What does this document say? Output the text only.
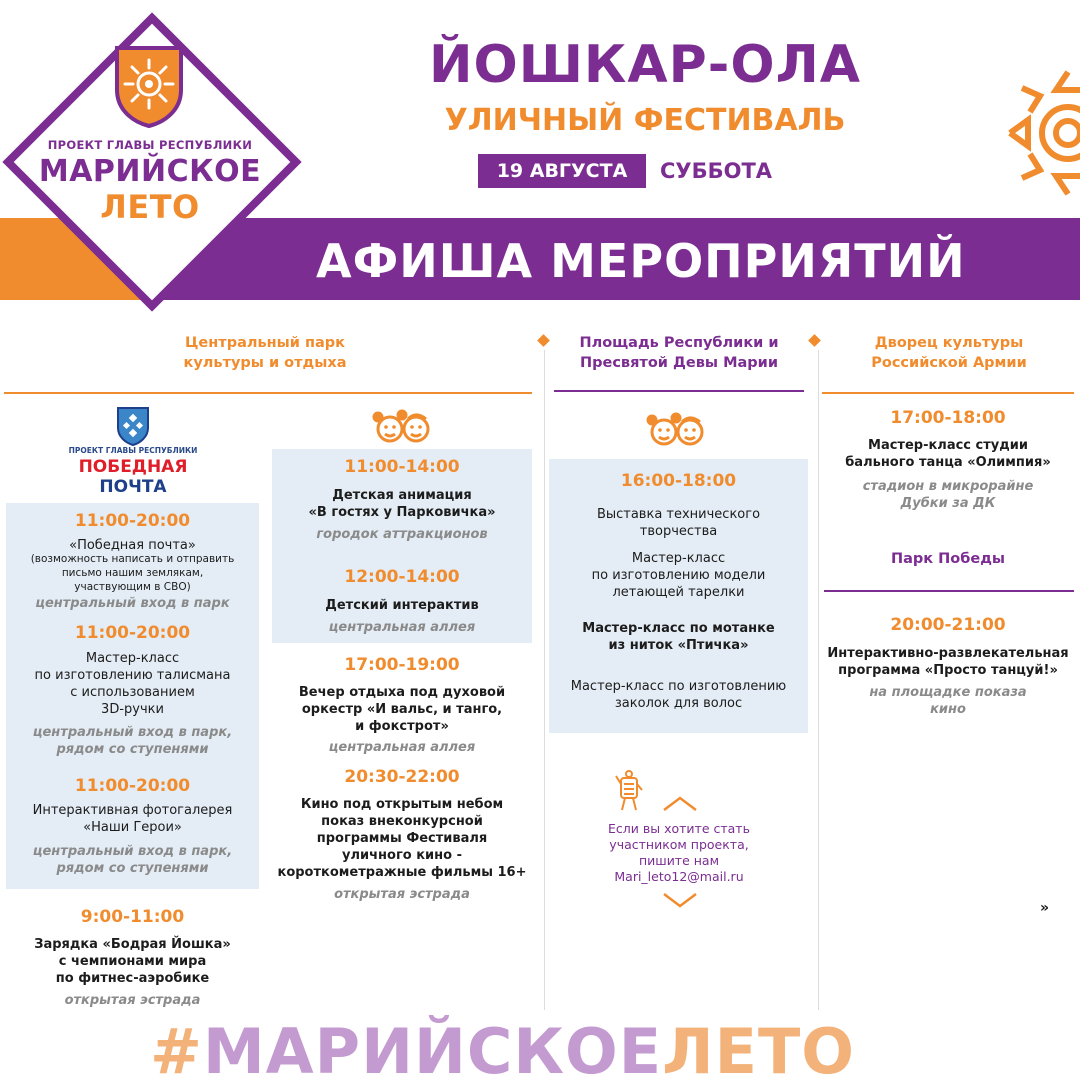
АФИША МЕРОПРИЯТИЙ
ПРОЕКТ ГЛАВЫ РЕСПУБЛИКИ
МАРИЙСКОЕ
ЛЕТО
ЙОШКАР-ОЛА
УЛИЧНЫЙ ФЕСТИВАЛЬ
19 АВГУСТА	СУББОТА
Центральный парк
культуры и отдыха
Площадь Республики и
Пресвятой Девы Марии
Дворец культуры
Российской Армии
ПРОЕКТ ГЛАВЫ РЕСПУБЛИКИ
ПОБЕДНАЯ
ПОЧТА
11:00-20:00
«Победная почта»
(возможность написать и отправить
письмо нашим землякам,
участвующим в СВО)
центральный вход в парк
11:00-20:00
Мастер-класс
по изготовлению талисмана
с использованием
3D-ручки
центральный вход в парк,
рядом со ступенями
11:00-20:00
Интерактивная фотогалерея
«Наши Герои»
центральный вход в парк,
рядом со ступенями
9:00-11:00
Зарядка «Бодрая Йошка»
с чемпионами мира
по фитнес-аэробике
открытая эстрада
11:00-14:00
Детская анимация
«В гостях у Парковичка»
городок аттракционов
12:00-14:00
Детский интерактив
центральная аллея
17:00-19:00
Вечер отдыха под духовой
оркестр «И вальс, и танго,
и фокстрот»
центральная аллея
20:30-22:00
Кино под открытым небом
показ внеконкурсной
программы Фестиваля
уличного кино -
короткометражные фильмы 16+
открытая эстрада
16:00-18:00
Выставка технического
творчества
Мастер-класс
по изготовлению модели
летающей тарелки
Мастер-класс по мотанке
из ниток «Птичка»
Мастер-класс по изготовлению
заколок для волос
Если вы хотите стать
участником проекта,
пишите нам
Mari_leto12@mail.ru
17:00-18:00
Мастер-класс студии
бального танца «Олимпия»
стадион в микрорайне
Дубки за ДК
Парк Победы
20:00-21:00
Интерактивно-развлекательная
программа «Просто танцуй!»
на площадке показа
кино
»
#МАРИЙСКОЕЛЕТО
